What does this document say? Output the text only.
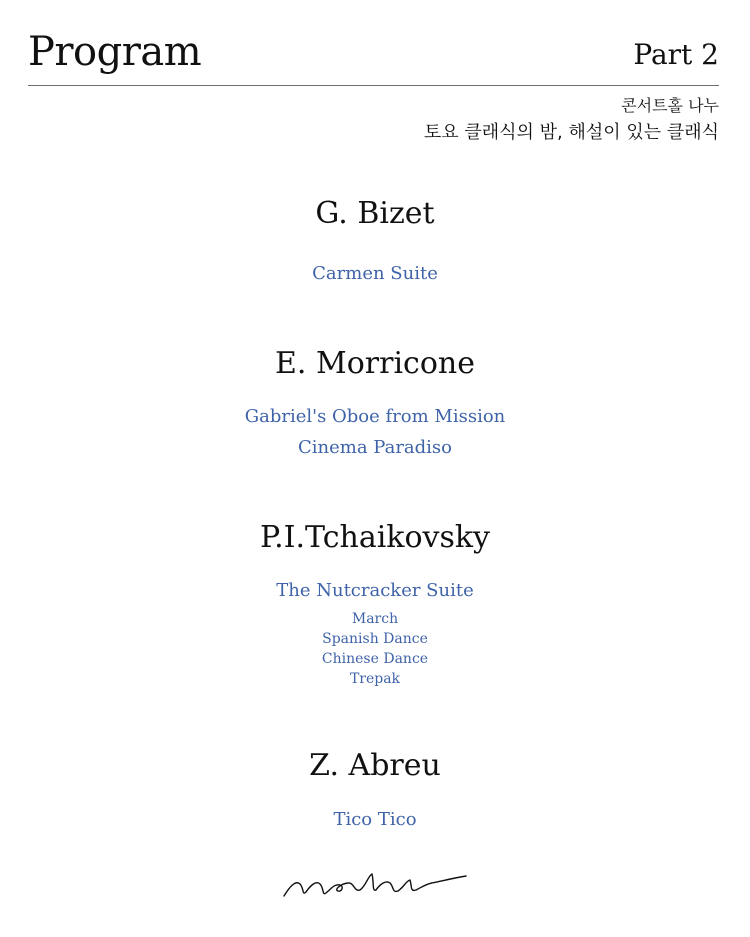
Program	Part 2
콘서트홀 나누
토요 클래식의 밤, 해설이 있는 클래식
G. Bizet
Carmen Suite
E. Morricone
Gabriel's Oboe from Mission
Cinema Paradiso
P.I.Tchaikovsky
The Nutcracker Suite
March
Spanish Dance
Chinese Dance
Trepak
Z. Abreu
Tico Tico
